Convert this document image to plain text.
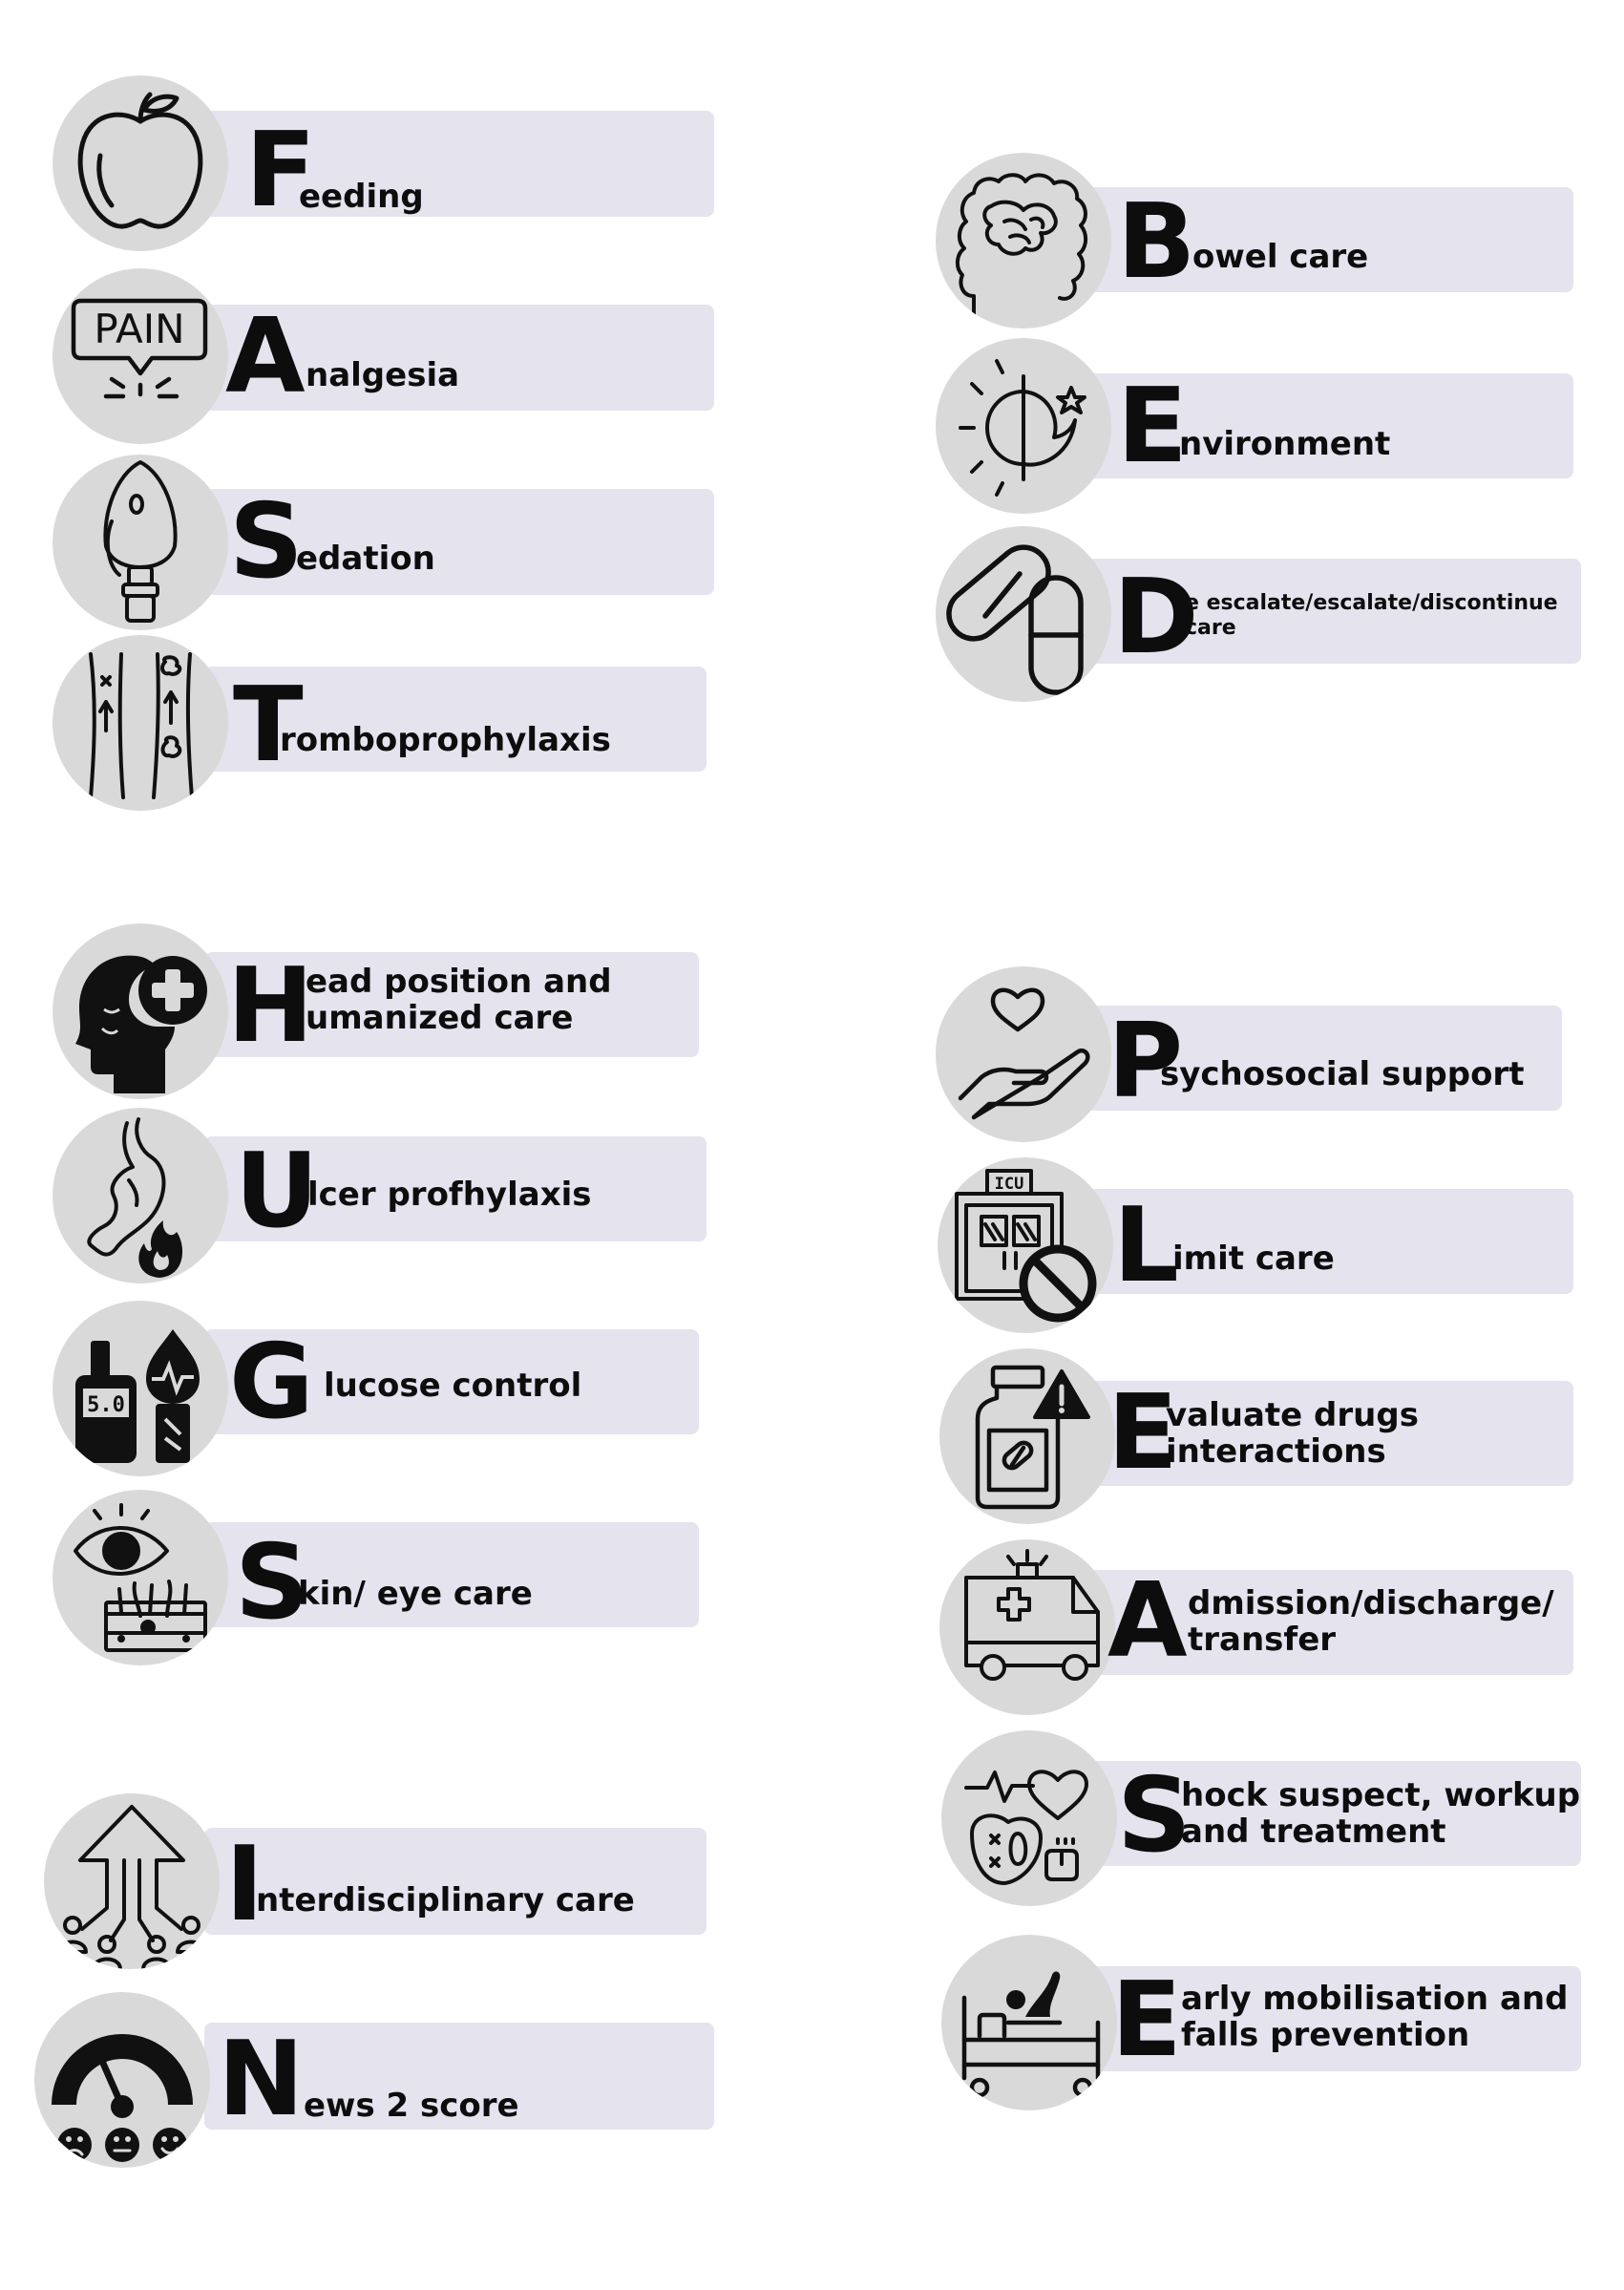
F
eeding
PAIN A nalgesia
S
edation
T
romboprophylaxis
H
ead position and
umanized care
U
lcer profhylaxis
5.0 G lucose control
S
kin/ eye care
I
nterdisciplinary care
N ews 2 score
B owel care
E
nvironment
D
e escalate/escalate/discontinue
care
P
sychosocial support
ICU
L
imit care
E
valuate drugs
interactions
A dmission/discharge/
transfer
S
hock suspect, workup
and treatment
E arly mobilisation and
falls prevention
